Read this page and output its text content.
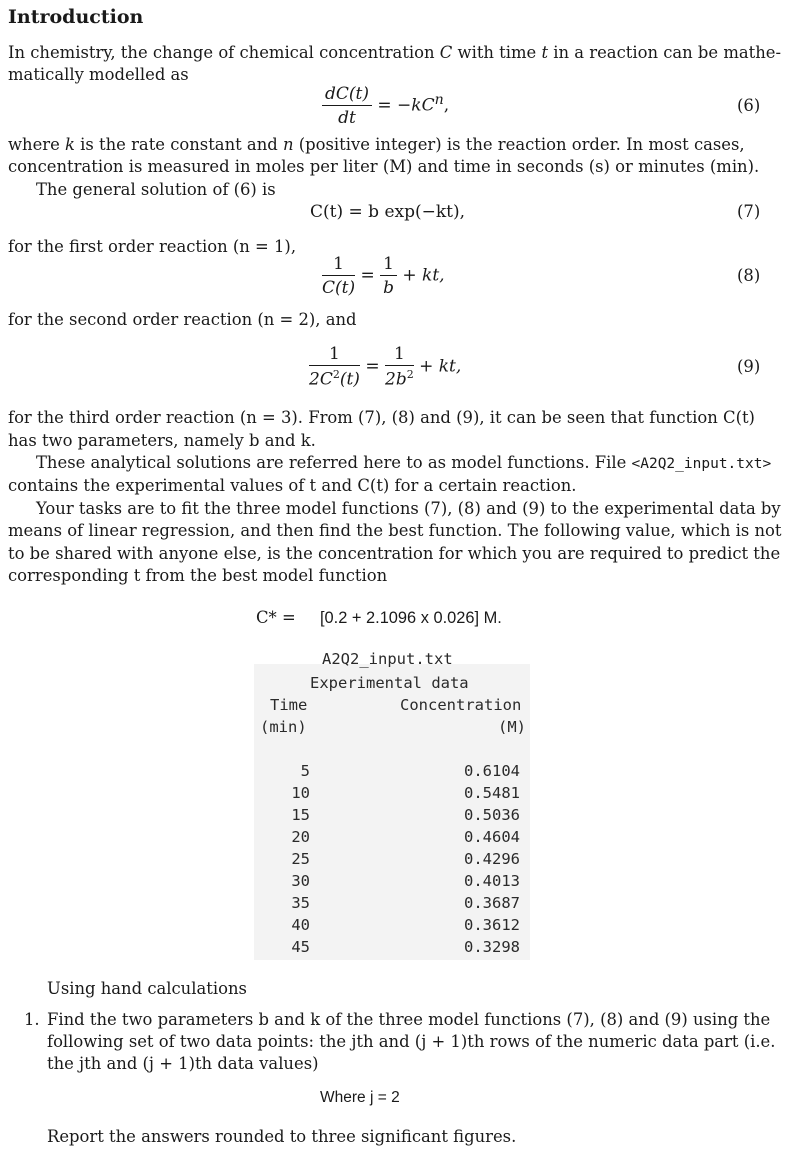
Introduction
In chemistry, the change of chemical concentration C with time t in a reaction can be mathe-
matically modelled as
$\frac{dC(t)}{dt} = -kC^n$,	(6)
where k is the rate constant and n (positive integer) is the reaction order. In most cases,
concentration is measured in moles per liter (M) and time in seconds (s) or minutes (min).
The general solution of (6) is
C(t) = b exp(−kt),	(7)
for the first order reaction (n = 1),
$\frac{1}{C(t)} = \frac{1}{b}$ + kt,	(8)
for the second order reaction (n = 2), and
$\frac{1}{2C^2(t)} = \frac{1}{2b^2}$ + kt,	(9)
for the third order reaction (n = 3). From (7), (8) and (9), it can be seen that function C(t)
has two parameters, namely b and k.
These analytical solutions are referred here to as model functions. File <A2Q2_input.txt>
contains the experimental values of t and C(t) for a certain reaction.
Your tasks are to fit the three model functions (7), (8) and (9) to the experimental data by
means of linear regression, and then find the best function. The following value, which is not
to be shared with anyone else, is the concentration for which you are required to predict the
corresponding t from the best model function
C* = [0.2 + 2.1096 x 0.026] M.
A2Q2_input.txt
Experimental data
Time
(min)
Concentration
(M)
5	0.6104
10	0.5481
15	0.5036
20	0.4604
25	0.4296
30	0.4013
35	0.3687
40	0.3612
45	0.3298
Using hand calculations
1. Find the two parameters b and k of the three model functions (7), (8) and (9) using the
following set of two data points: the jth and (j + 1)th rows of the numeric data part (i.e.
the jth and (j + 1)th data values)
Where j = 2
Report the answers rounded to three significant figures.
